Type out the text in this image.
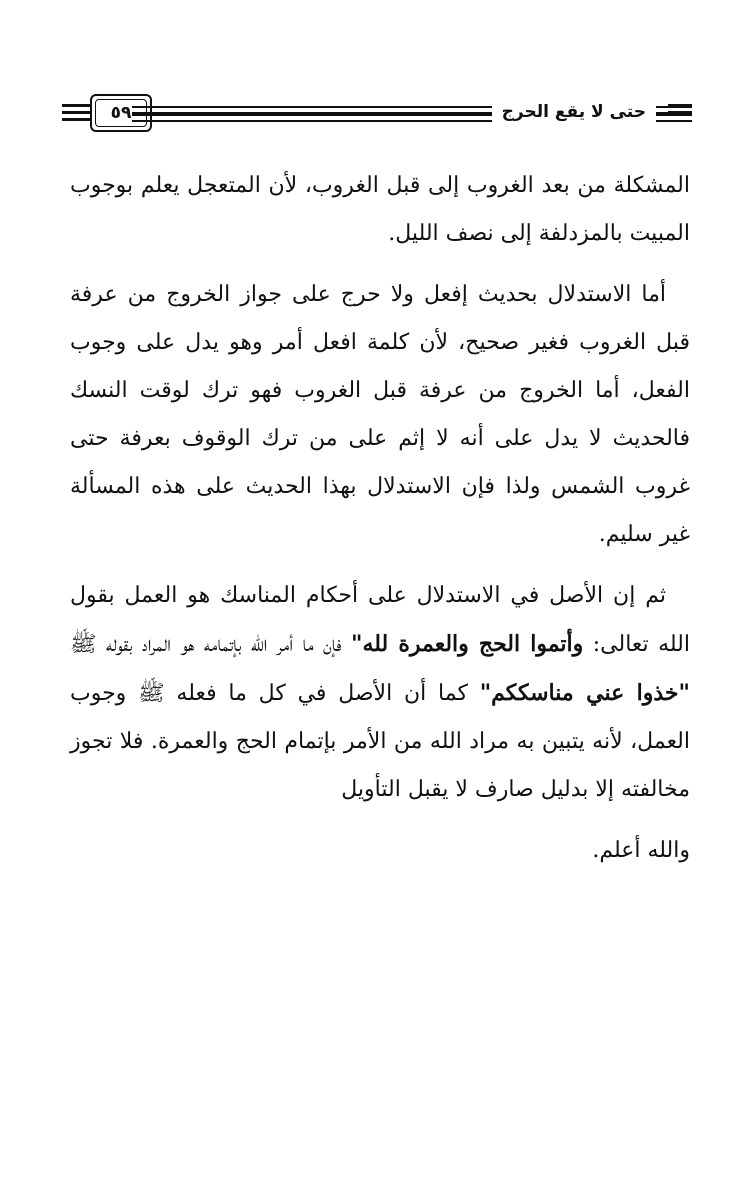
٥٩	حتى لا يقع الحرج

المشكلة من بعد الغروب إلى قبل الغروب، لأن المتعجل يعلم بوجوب المبيت بالمزدلفة إلى نصف الليل.

أما الاستدلال بحديث إفعل ولا حرج على جواز الخروج من عرفة قبل الغروب فغير صحيح، لأن كلمة افعل أمر وهو يدل على وجوب الفعل، أما الخروج من عرفة قبل الغروب فهو ترك لوقت النسك فالحديث لا يدل على أنه لا إثم على من ترك الوقوف بعرفة حتى غروب الشمس ولذا فإن الاستدلال بهذا الحديث على هذه المسألة غير سليم.

ثم إن الأصل في الاستدلال على أحكام المناسك هو العمل بقول الله تعالى: وأتموا الحج والعمرة لله" فإن ما أمر الله بإتمامه هو المراد بقوله ﷺ "خذوا عني مناسككم" كما أن الأصل في كل ما فعله ﷺ وجوب العمل، لأنه يتبين به مراد الله من الأمر بإتمام الحج والعمرة. فلا تجوز مخالفته إلا بدليل صارف لا يقبل التأويل

والله أعلم.
